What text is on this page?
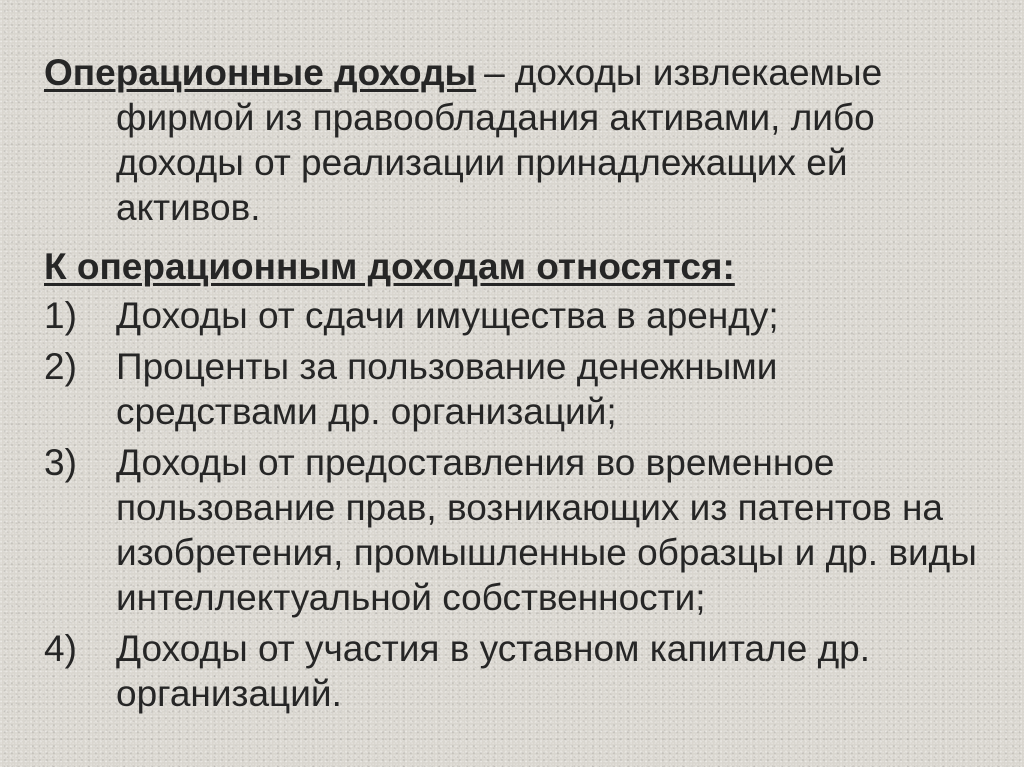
Операционные доходы – доходы извлекаемые фирмой из правообладания активами, либо доходы от реализации принадлежащих ей активов.

К операционным доходам относятся:
1)	Доходы от сдачи имущества в аренду;
2)	Проценты за пользование денежными средствами др. организаций;
3)	Доходы от предоставления во временное пользование прав, возникающих из патентов на изобретения, промышленные образцы и др. виды интеллектуальной собственности;
4)	Доходы от участия в уставном капитале др. организаций.
